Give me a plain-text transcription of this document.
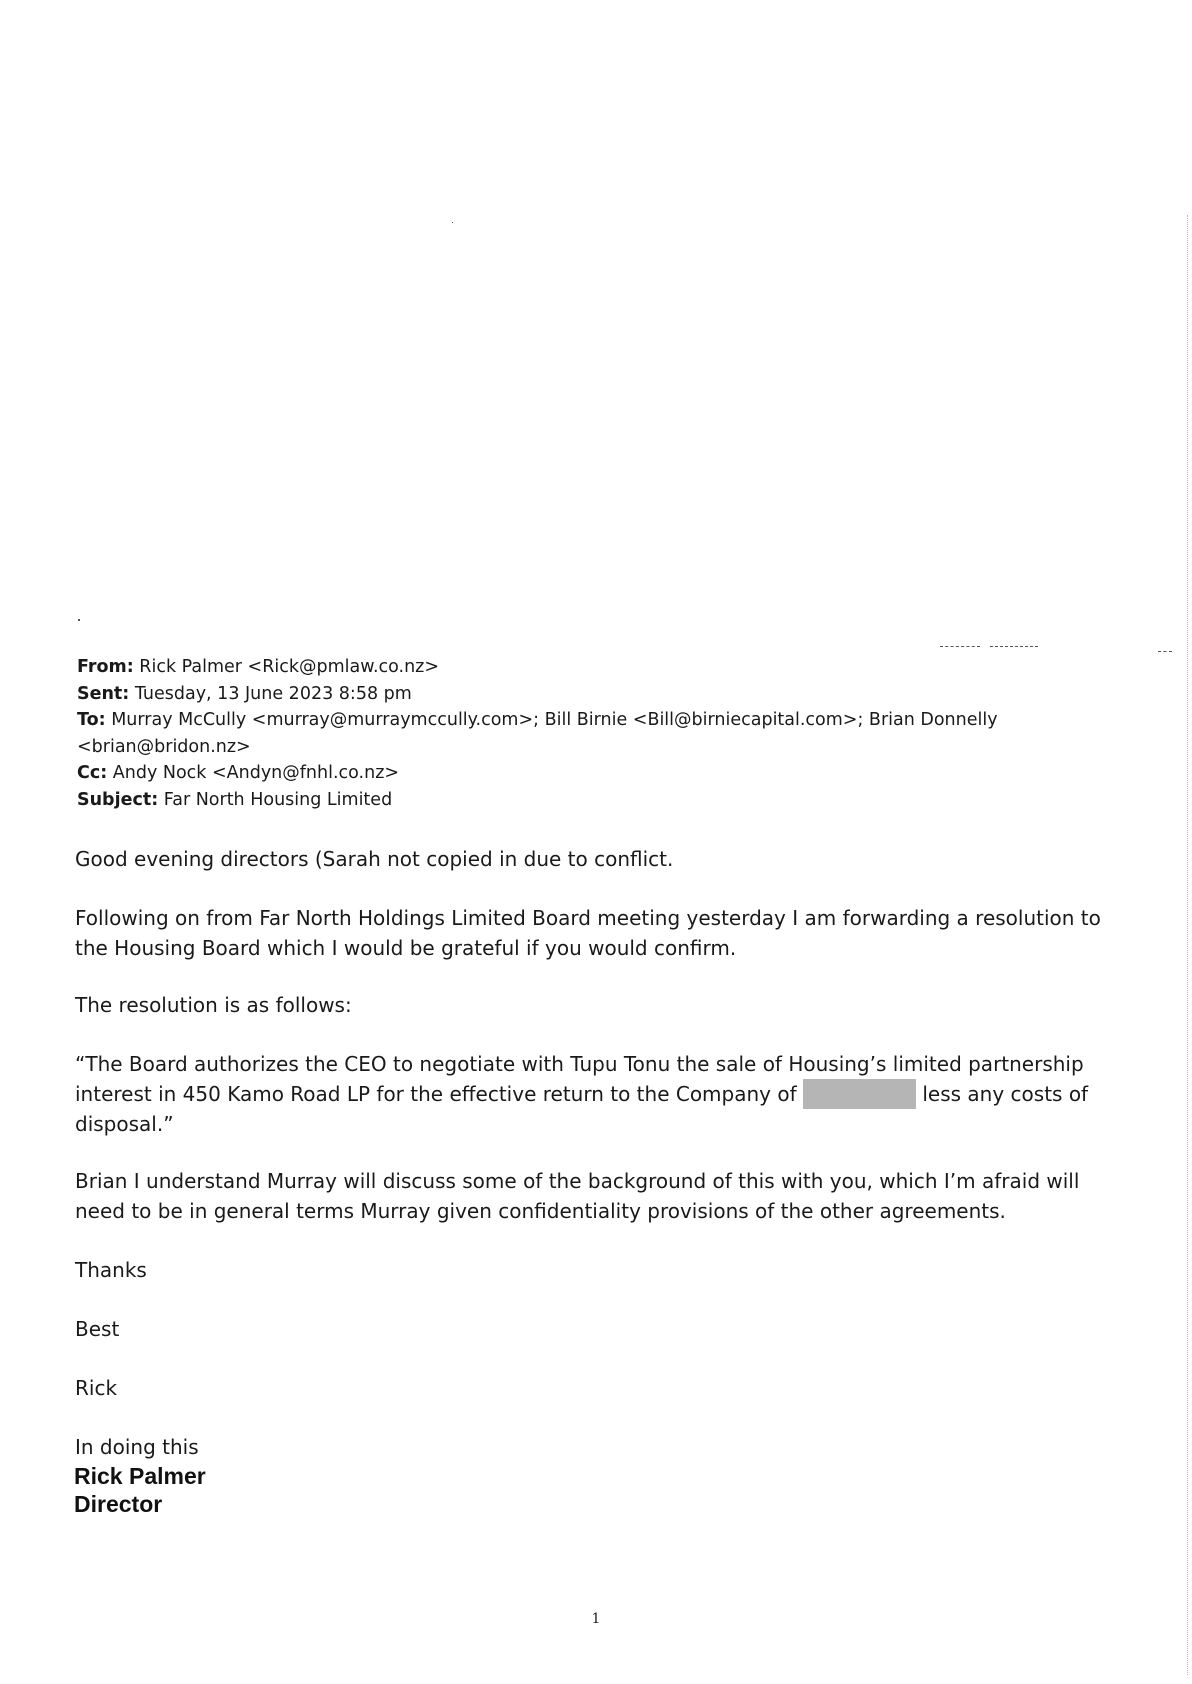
From: Rick Palmer <Rick@pmlaw.co.nz>
Sent: Tuesday, 13 June 2023 8:58 pm
To: Murray McCully <murray@murraymccully.com>; Bill Birnie <Bill@birniecapital.com>; Brian Donnelly
<brian@bridon.nz>
Cc: Andy Nock <Andyn@fnhl.co.nz>
Subject: Far North Housing Limited
Good evening directors (Sarah not copied in due to conflict.
Following on from Far North Holdings Limited Board meeting yesterday I am forwarding a resolution to the Housing Board which I would be grateful if you would confirm.
The resolution is as follows:
“The Board authorizes the CEO to negotiate with Tupu Tonu the sale of Housing’s limited partnership interest in 450 Kamo Road LP for the effective return to the Company of	less any costs of disposal.”
Brian I understand Murray will discuss some of the background of this with you, which I’m afraid will need to be in general terms Murray given confidentiality provisions of the other agreements.
Thanks
Best
Rick
In doing this
Rick Palmer
Director
1
